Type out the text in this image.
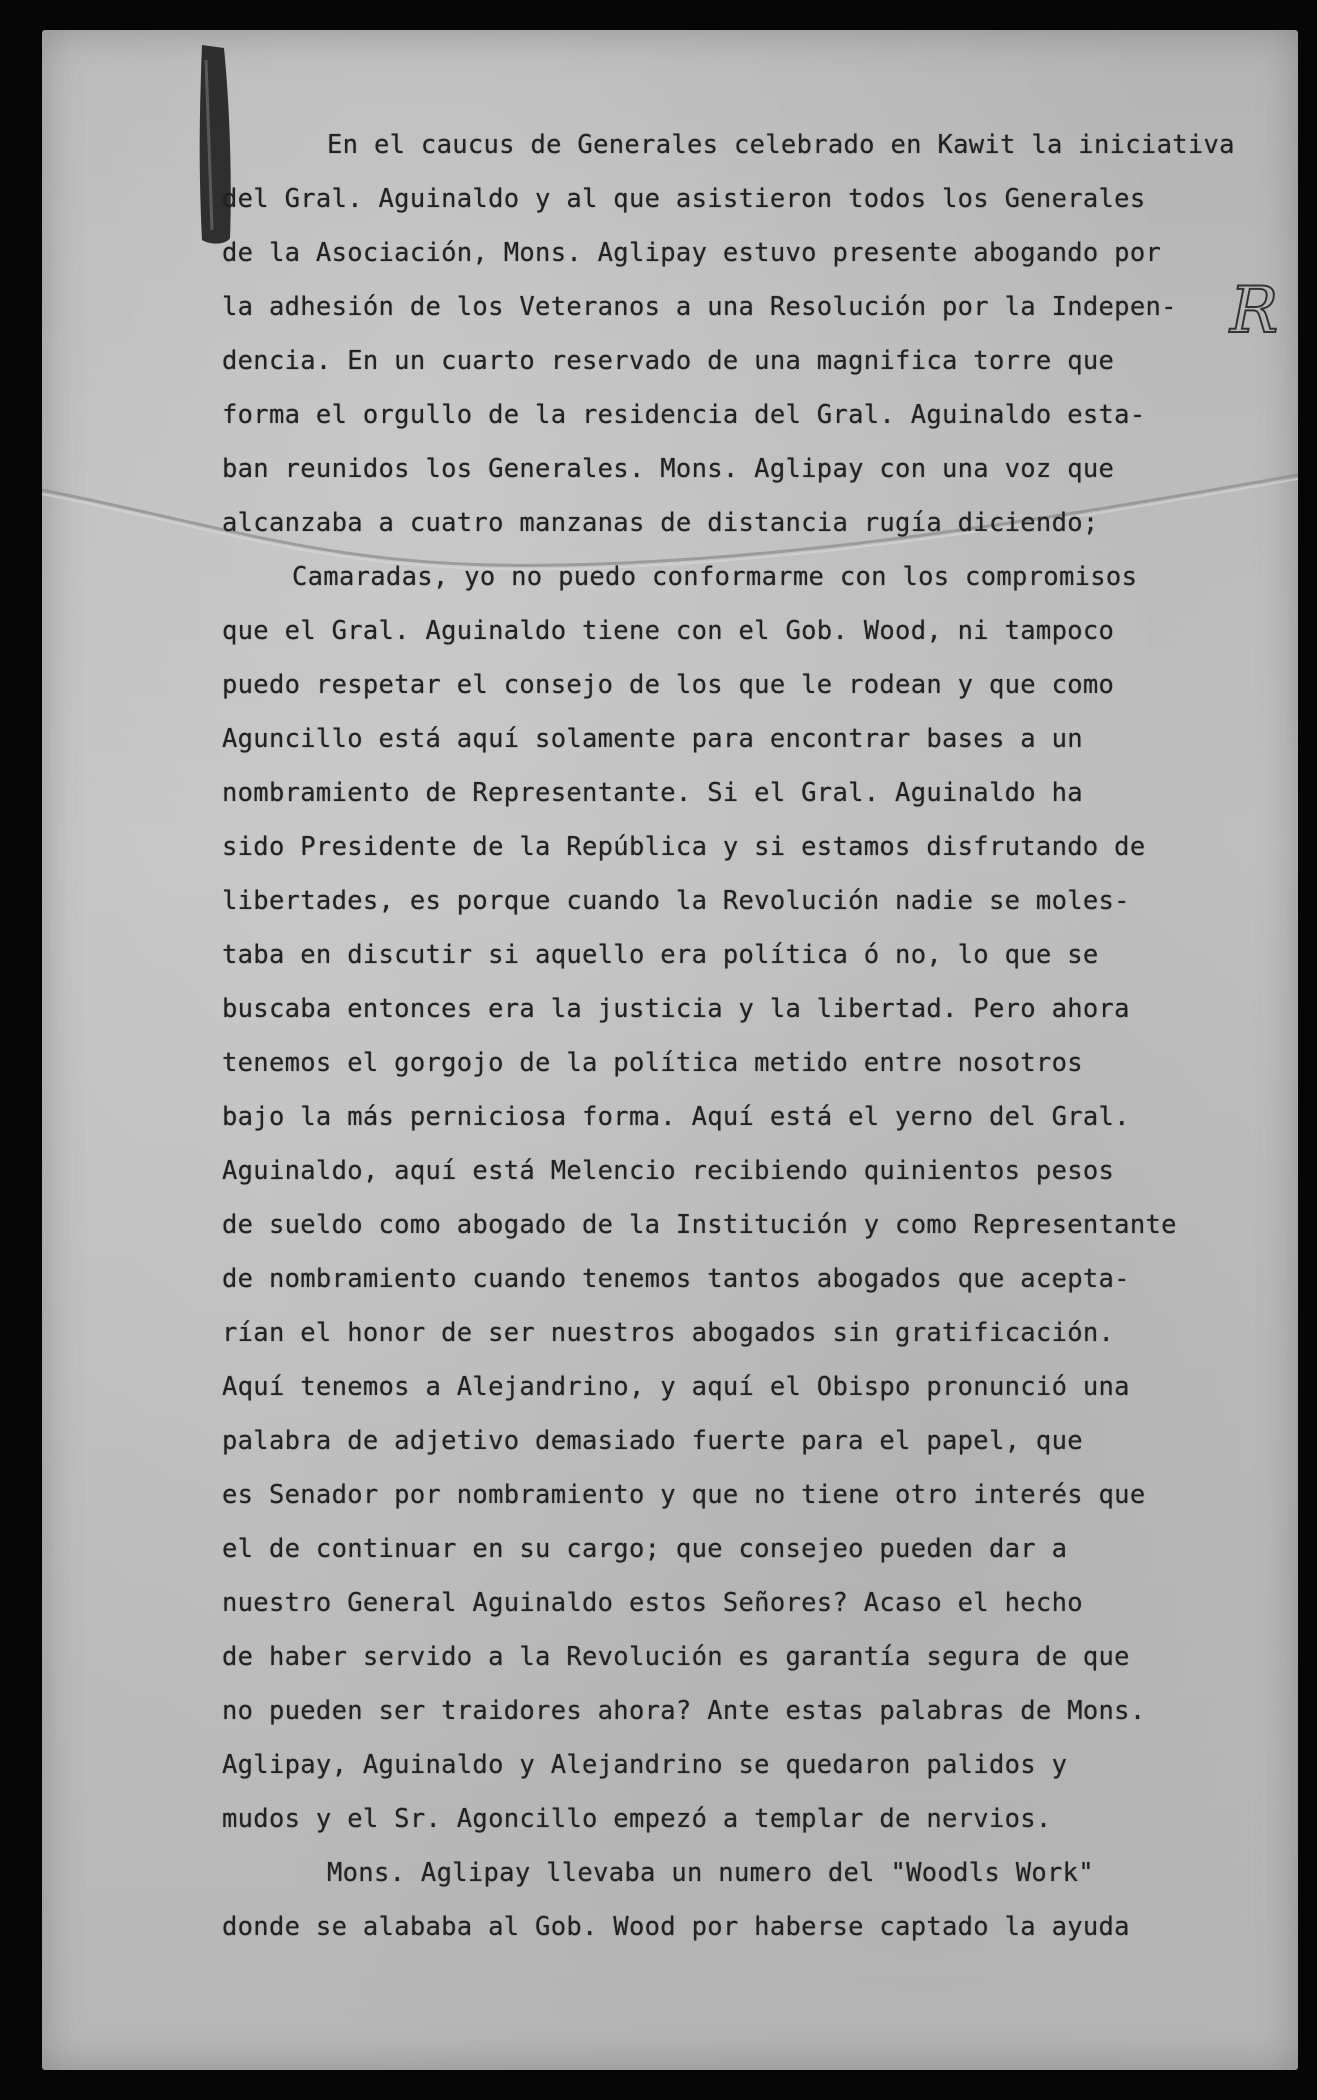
R
En el caucus de Generales celebrado en Kawit la iniciativa
del Gral. Aguinaldo y al que asistieron todos los Generales
de la Asociación, Mons. Aglipay estuvo presente abogando por
la adhesión de los Veteranos a una Resolución por la Indepen-
dencia. En un cuarto reservado de una magnifica torre que
forma el orgullo de la residencia del Gral. Aguinaldo esta-
ban reunidos los Generales. Mons. Aglipay con una voz que
alcanzaba a cuatro manzanas de distancia rugía diciendo;
Camaradas, yo no puedo conformarme con los compromisos
que el Gral. Aguinaldo tiene con el Gob. Wood, ni tampoco
puedo respetar el consejo de los que le rodean y que como
Aguncillo está aquí solamente para encontrar bases a un
nombramiento de Representante. Si el Gral. Aguinaldo ha
sido Presidente de la República y si estamos disfrutando de
libertades, es porque cuando la Revolución nadie se moles-
taba en discutir si aquello era política ó no, lo que se
buscaba entonces era la justicia y la libertad. Pero ahora
tenemos el gorgojo de la política metido entre nosotros
bajo la más perniciosa forma. Aquí está el yerno del Gral.
Aguinaldo, aquí está Melencio recibiendo quinientos pesos
de sueldo como abogado de la Institución y como Representante
de nombramiento cuando tenemos tantos abogados que acepta-
rían el honor de ser nuestros abogados sin gratificación.
Aquí tenemos a Alejandrino, y aquí el Obispo pronunció una
palabra de adjetivo demasiado fuerte para el papel, que
es Senador por nombramiento y que no tiene otro interés que
el de continuar en su cargo; que consejeo pueden dar a
nuestro General Aguinaldo estos Señores? Acaso el hecho
de haber servido a la Revolución es garantía segura de que
no pueden ser traidores ahora? Ante estas palabras de Mons.
Aglipay, Aguinaldo y Alejandrino se quedaron palidos y
mudos y el Sr. Agoncillo empezó a templar de nervios.
Mons. Aglipay llevaba un numero del "Woodls Work"
donde se alababa al Gob. Wood por haberse captado la ayuda
